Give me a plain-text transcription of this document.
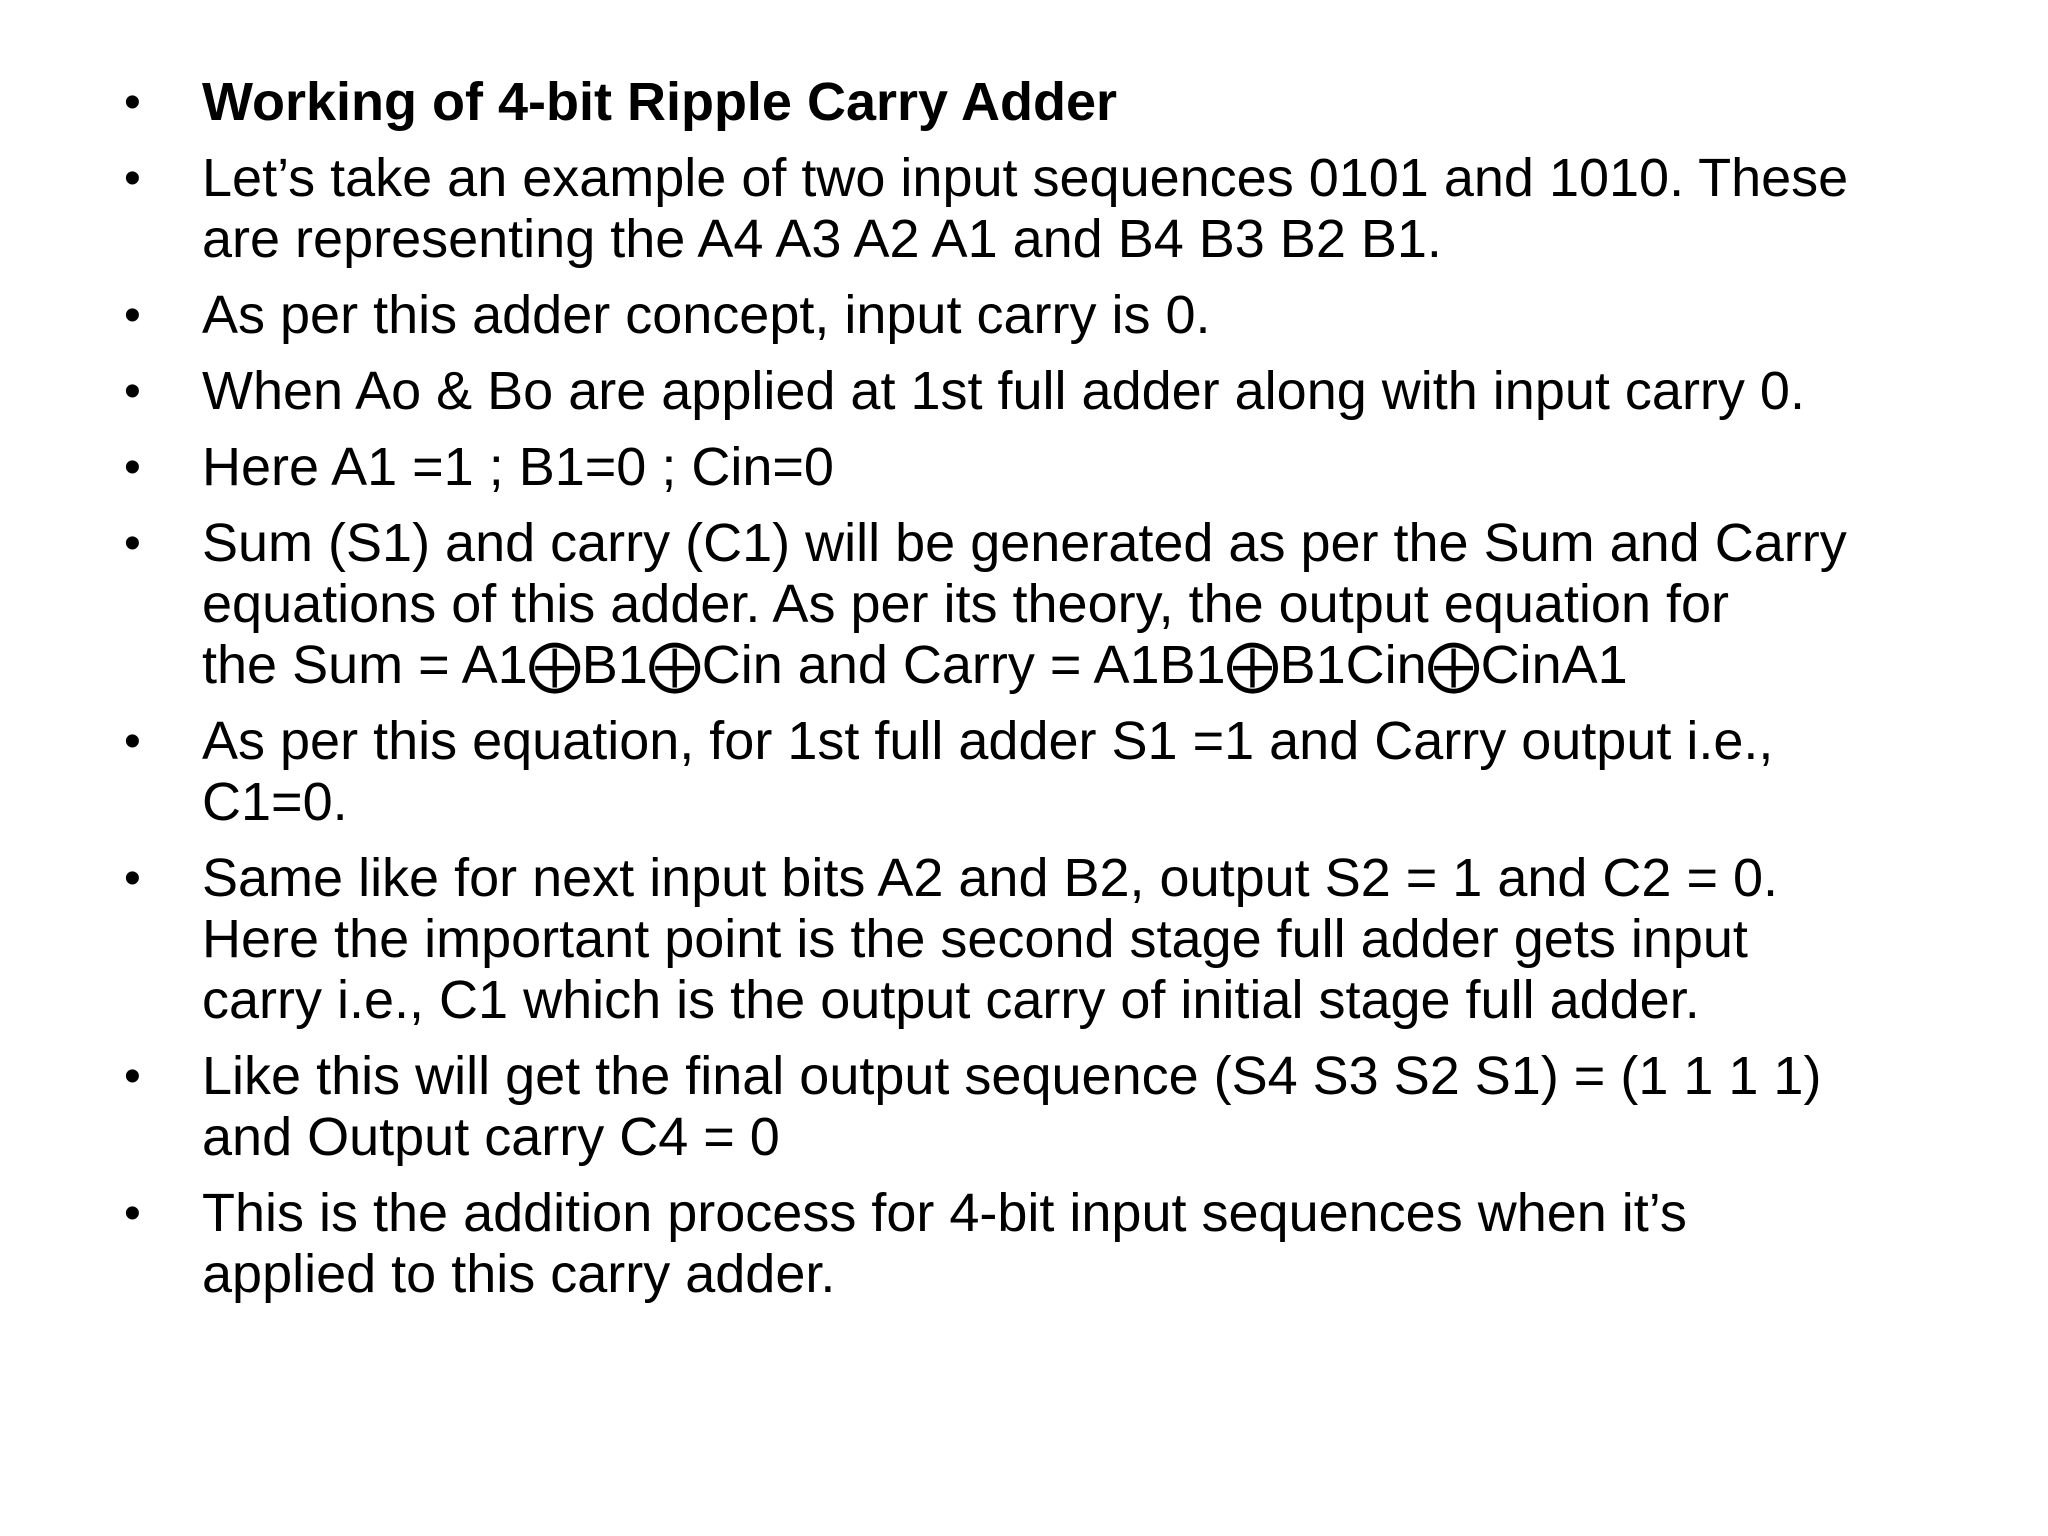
• Working of 4-bit Ripple Carry Adder
• Let’s take an example of two input sequences 0101 and 1010. These
are representing the A4 A3 A2 A1 and B4 B3 B2 B1.
• As per this adder concept, input carry is 0.
• When Ao & Bo are applied at 1st full adder along with input carry 0.
• Here A1 =1 ; B1=0 ; Cin=0
• Sum (S1) and carry (C1) will be generated as per the Sum and Carry
equations of this adder. As per its theory, the output equation for
the Sum = A1⨁B1⨁Cin and Carry = A1B1⨁B1Cin⨁CinA1
• As per this equation, for 1st full adder S1 =1 and Carry output i.e.,
C1=0.
• Same like for next input bits A2 and B2, output S2 = 1 and C2 = 0.
Here the important point is the second stage full adder gets input
carry i.e., C1 which is the output carry of initial stage full adder.
• Like this will get the final output sequence (S4 S3 S2 S1) = (1 1 1 1)
and Output carry C4 = 0
• This is the addition process for 4-bit input sequences when it’s
applied to this carry adder.
